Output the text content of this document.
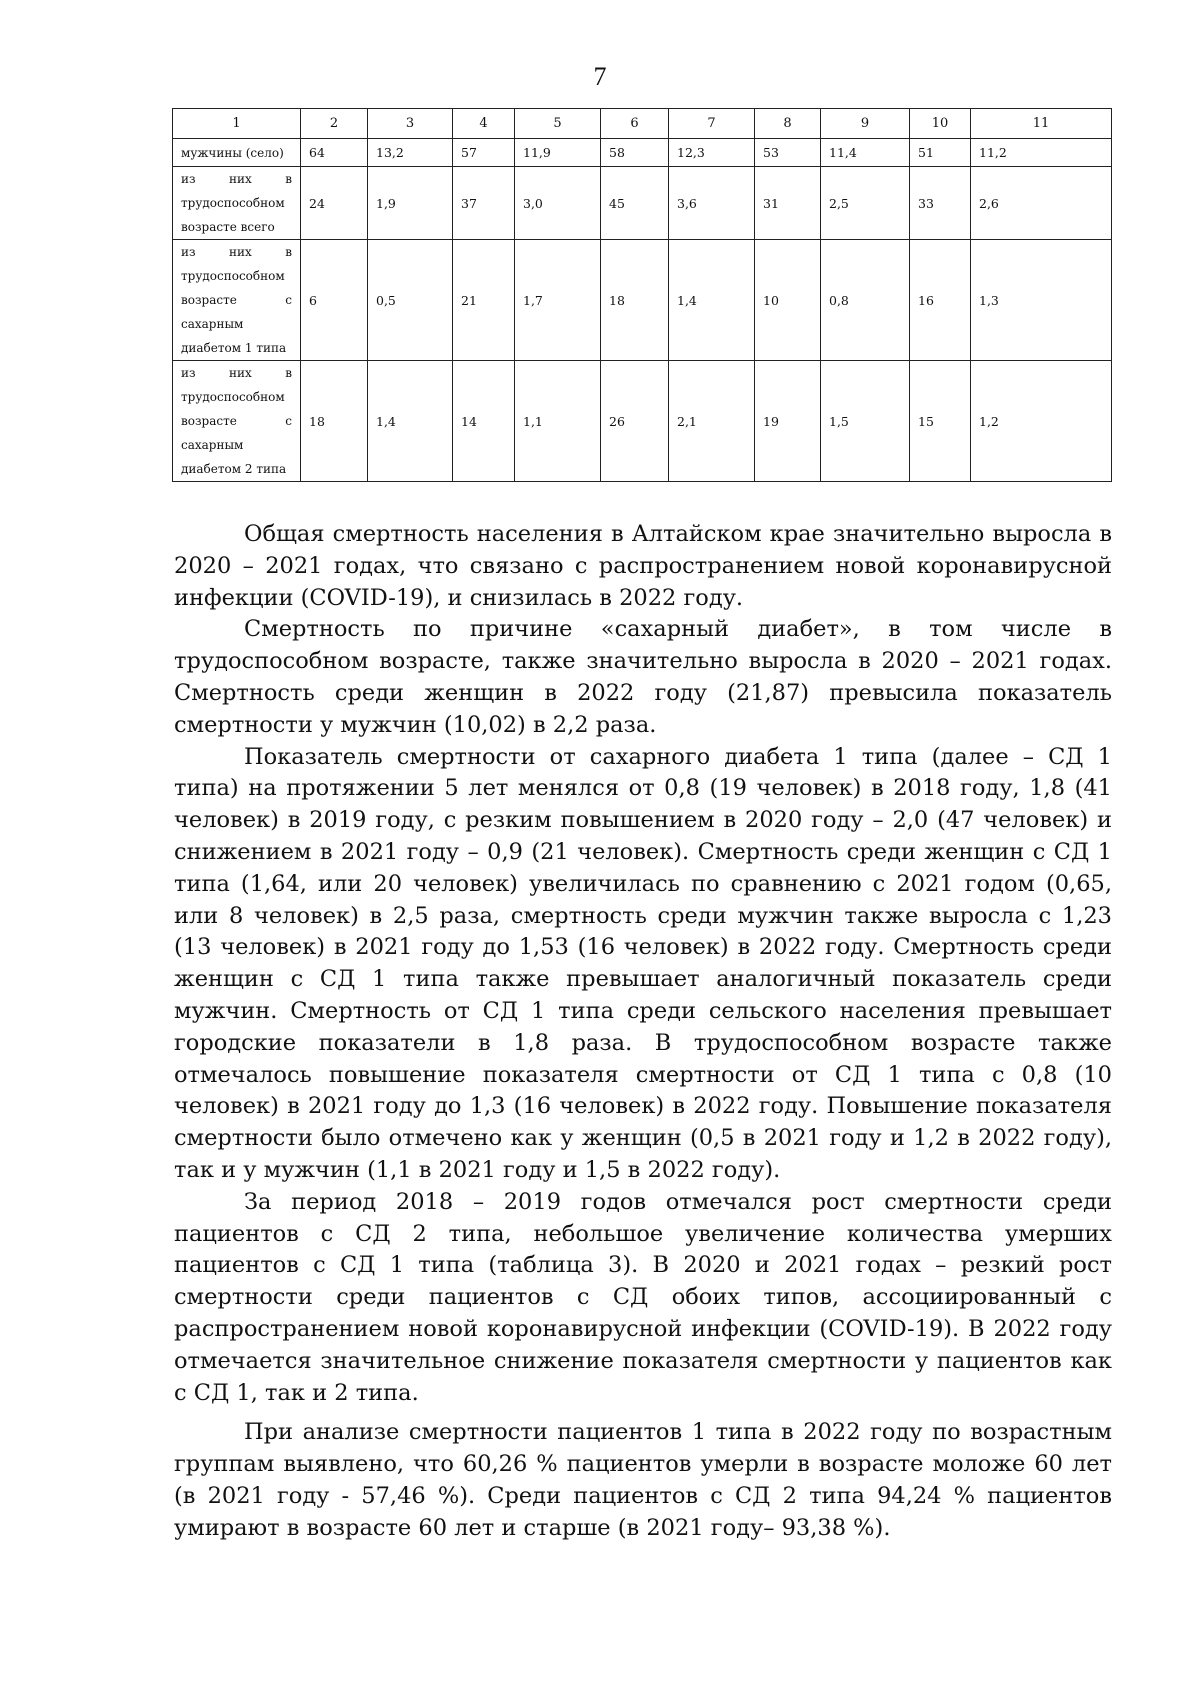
7
1	2	3	4	5	6	7	8	9	10	11
мужчины (село)	64	13,2	57	11,9	58	12,3	53	11,4	51	11,2
из них в трудоспособном возрасте всего	24	1,9	37	3,0	45	3,6	31	2,5	33	2,6
из них в трудоспособном возрасте с сахарным диабетом 1 типа	6	0,5	21	1,7	18	1,4	10	0,8	16	1,3
из них в трудоспособном возрасте с сахарным диабетом 2 типа	18	1,4	14	1,1	26	2,1	19	1,5	15	1,2

Общая смертность населения в Алтайском крае значительно выросла в 2020 – 2021 годах, что связано с распространением новой коронавирусной инфекции (COVID-19), и снизилась в 2022 году.

Смертность по причине «сахарный диабет», в том числе в трудоспособном возрасте, также значительно выросла в 2020 – 2021 годах. Смертность среди женщин в 2022 году (21,87) превысила показатель смертности у мужчин (10,02) в 2,2 раза.

Показатель смертности от сахарного диабета 1 типа (далее – СД 1 типа) на протяжении 5 лет менялся от 0,8 (19 человек) в 2018 году, 1,8 (41 человек) в 2019 году, с резким повышением в 2020 году – 2,0 (47 человек) и снижением в 2021 году – 0,9 (21 человек). Смертность среди женщин с СД 1 типа (1,64, или 20 человек) увеличилась по сравнению с 2021 годом (0,65, или 8 человек) в 2,5 раза, смертность среди мужчин также выросла с 1,23 (13 человек) в 2021 году до 1,53 (16 человек) в 2022 году. Смертность среди женщин с СД 1 типа также превышает аналогичный показатель среди мужчин. Смертность от СД 1 типа среди сельского населения превышает городские показатели в 1,8 раза. В трудоспособном возрасте также отмечалось повышение показателя смертности от СД 1 типа с 0,8 (10 человек) в 2021 году до 1,3 (16 человек) в 2022 году. Повышение показателя смертности было отмечено как у женщин (0,5 в 2021 году и 1,2 в 2022 году), так и у мужчин (1,1 в 2021 году и 1,5 в 2022 году).

За период 2018 – 2019 годов отмечался рост смертности среди пациентов с СД 2 типа, небольшое увеличение количества умерших пациентов с СД 1 типа (таблица 3). В 2020 и 2021 годах – резкий рост смертности среди пациентов с СД обоих типов, ассоциированный с распространением новой коронавирусной инфекции (COVID-19). В 2022 году отмечается значительное снижение показателя смертности у пациентов как с СД 1, так и 2 типа.

При анализе смертности пациентов 1 типа в 2022 году по возрастным группам выявлено, что 60,26 % пациентов умерли в возрасте моложе 60 лет (в 2021 году - 57,46 %). Среди пациентов с СД 2 типа 94,24 % пациентов умирают в возрасте 60 лет и старше (в 2021 году– 93,38 %).
